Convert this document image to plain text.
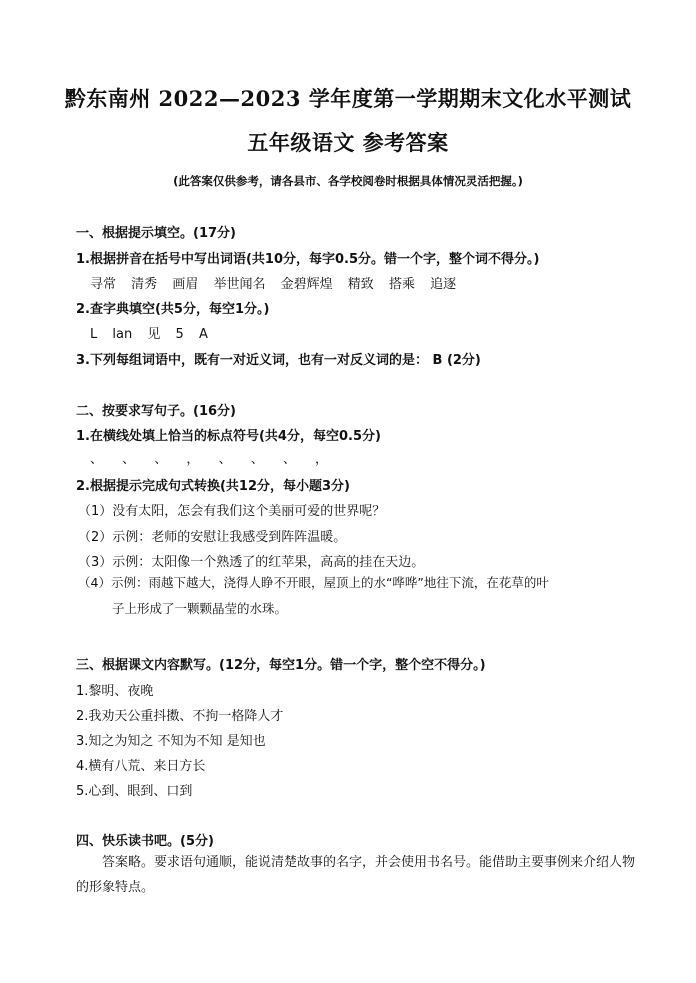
黔东南州 2022—2023 学年度第一学期期末文化水平测试
五年级语文 参考答案
(此答案仅供参考，请各县市、各学校阅卷时根据具体情况灵活把握。)
一、根据提示填空。(17分)
1.根据拼音在括号中写出词语(共10分，每字0.5分。错一个字，整个词不得分。)
寻常 清秀 画眉 举世闻名 金碧辉煌 精致 搭乘 追逐
2.查字典填空(共5分，每空1分。)
L lan 见 5 A
3.下列每组词语中，既有一对近义词，也有一对反义词的是： B (2分)
二、按要求写句子。(16分)
1.在横线处填上恰当的标点符号(共4分，每空0.5分)
、 、 、 ， 、 、 、 ，
2.根据提示完成句式转换(共12分，每小题3分)
（1）没有太阳，怎会有我们这个美丽可爱的世界呢？
（2）示例：老师的安慰让我感受到阵阵温暖。
（3）示例：太阳像一个熟透了的红苹果，高高的挂在天边。
（4）示例：雨越下越大，浇得人睁不开眼，屋顶上的水“哗哗”地往下流，在花草的叶
子上形成了一颗颗晶莹的水珠。
三、根据课文内容默写。(12分，每空1分。错一个字，整个空不得分。)
1.黎明、夜晚
2.我劝天公重抖擞、不拘一格降人才
3.知之为知之 不知为不知 是知也
4.横有八荒、来日方长
5.心到、眼到、口到
四、快乐读书吧。(5分)
答案略。要求语句通顺，能说清楚故事的名字，并会使用书名号。能借助主要事例来介绍人物的形象特点。
